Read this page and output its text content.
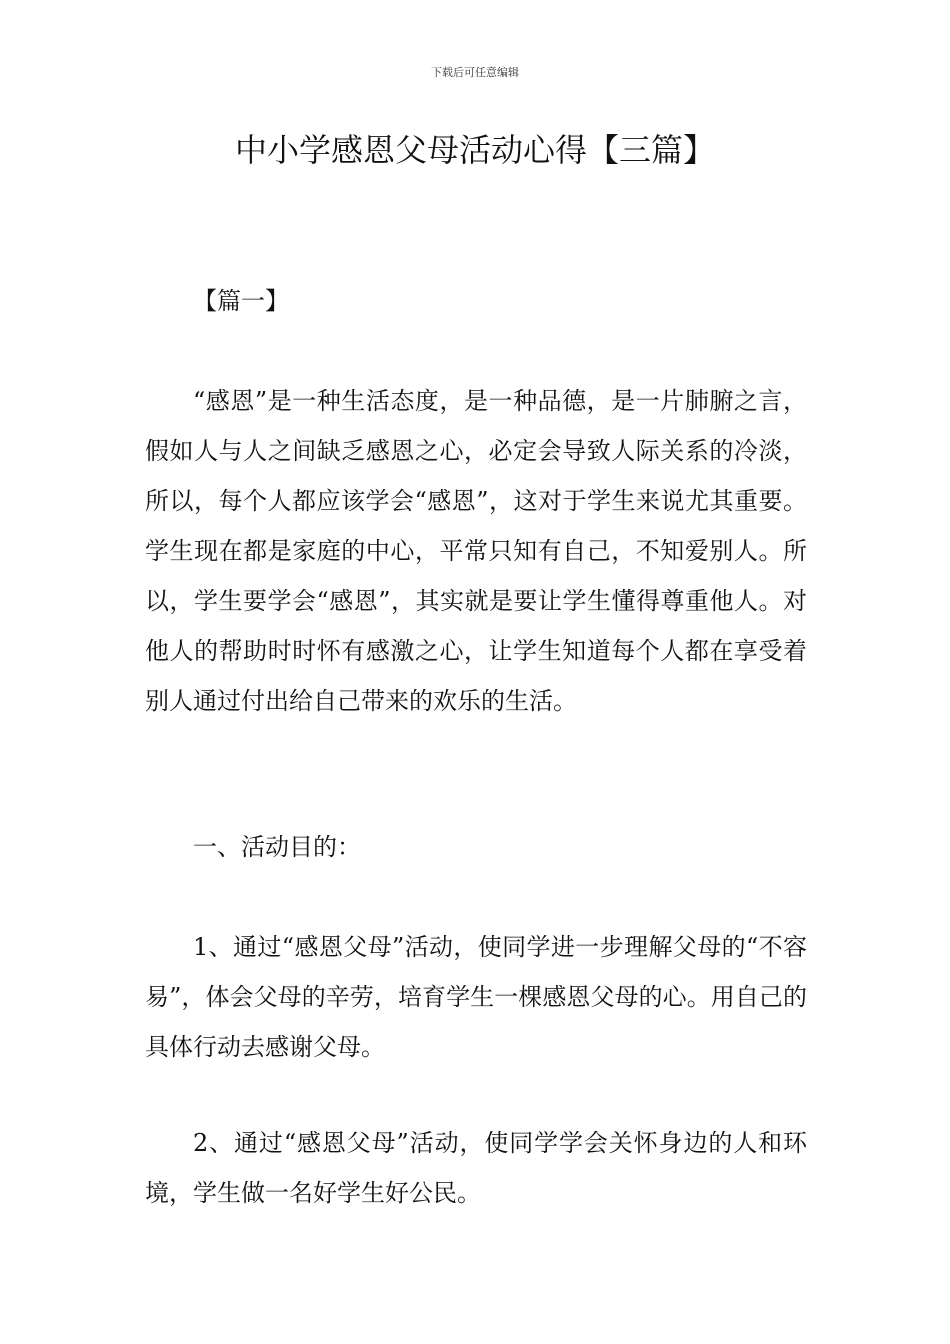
下载后可任意编辑
中小学感恩父母活动心得【三篇】

【篇一】

“感恩”是一种生活态度，是一种品德，是一片肺腑之言，假如人与人之间缺乏感恩之心，必定会导致人际关系的冷淡，所以，每个人都应该学会“感恩”，这对于学生来说尤其重要。学生现在都是家庭的中心，平常只知有自己，不知爱别人。所以，学生要学会“感恩”，其实就是要让学生懂得尊重他人。对他人的帮助时时怀有感激之心，让学生知道每个人都在享受着别人通过付出给自己带来的欢乐的生活。

一、活动目的：

1、通过“感恩父母”活动，使同学进一步理解父母的“不容易”，体会父母的辛劳，培育学生一棵感恩父母的心。用自己的具体行动去感谢父母。

2、通过“感恩父母”活动，使同学学会关怀身边的人和环境，学生做一名好学生好公民。
